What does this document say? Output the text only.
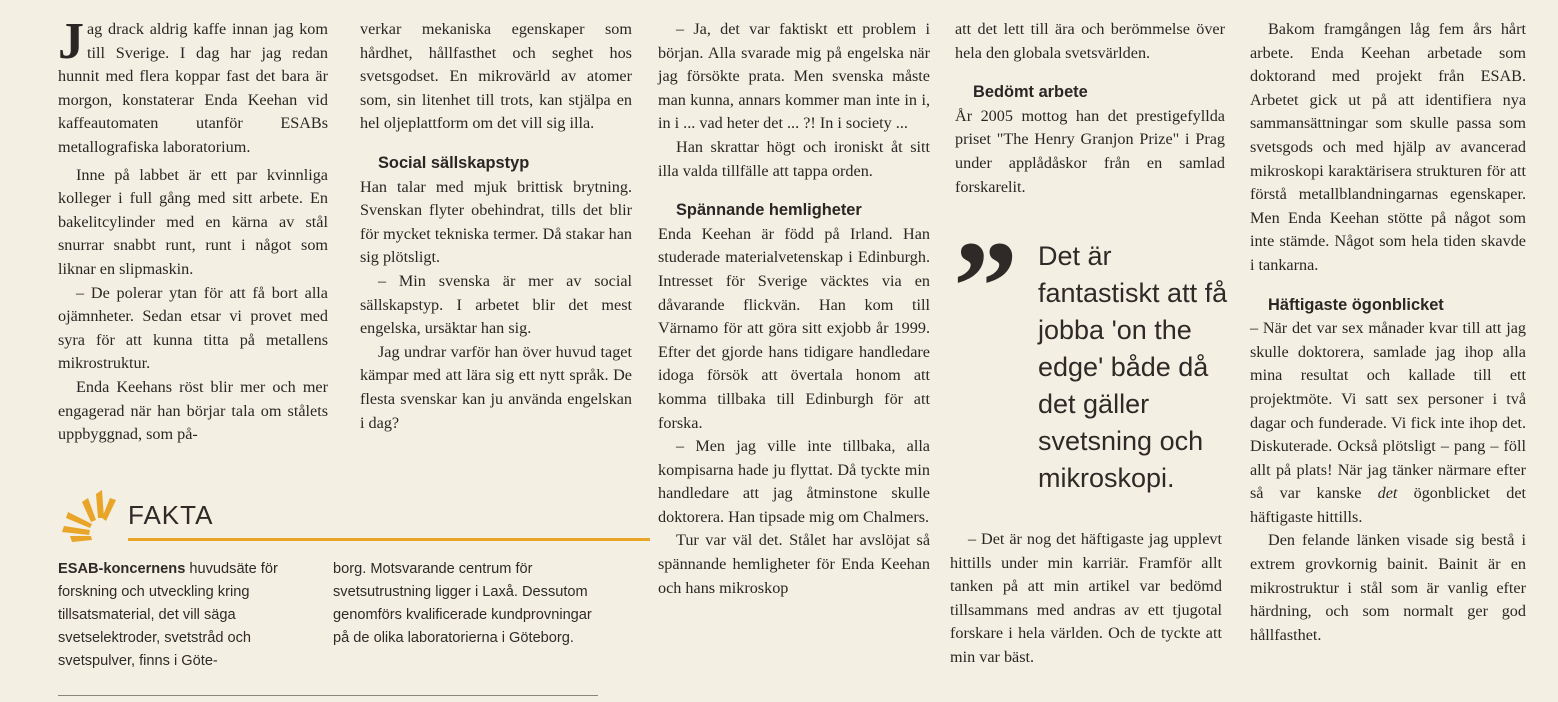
Jag drack aldrig kaffe innan jag kom till Sverige. I dag har jag redan hunnit med flera koppar fast det bara är morgon, konstaterar Enda Keehan vid kaffeautomaten utanför ESABs metallografiska laboratorium.

Inne på labbet är ett par kvinnliga kolleger i full gång med sitt arbete. En bakelitcylinder med en kärna av stål snurrar snabbt runt, runt i något som liknar en slipmaskin.

– De polerar ytan för att få bort alla ojämnheter. Sedan etsar vi provet med syra för att kunna titta på metallens mikrostruktur.

Enda Keehans röst blir mer och mer engagerad när han börjar tala om stålets uppbyggnad, som på-

verkar mekaniska egenskaper som hårdhet, hållfasthet och seghet hos svetsgodset. En mikrovärld av atomer som, sin litenhet till trots, kan stjälpa en hel oljeplattform om det vill sig illa.

Social sällskapstyp

Han talar med mjuk brittisk brytning. Svenskan flyter obehindrat, tills det blir för mycket tekniska termer. Då stakar han sig plötsligt.

– Min svenska är mer av social sällskapstyp. I arbetet blir det mest engelska, ursäktar han sig.

Jag undrar varför han över huvud taget kämpar med att lära sig ett nytt språk. De flesta svenskar kan ju använda engelskan i dag?

– Ja, det var faktiskt ett problem i början. Alla svarade mig på engelska när jag försökte prata. Men svenska måste man kunna, annars kommer man inte in i, in i ... vad heter det ... ?! In i society ...

Han skrattar högt och ironiskt åt sitt illa valda tillfälle att tappa orden.

Spännande hemligheter

Enda Keehan är född på Irland. Han studerade materialvetenskap i Edinburgh. Intresset för Sverige väcktes via en dåvarande flickvän. Han kom till Värnamo för att göra sitt exjobb år 1999. Efter det gjorde hans tidigare handledare idoga försök att övertala honom att komma tillbaka till Edinburgh för att forska.

– Men jag ville inte tillbaka, alla kompisarna hade ju flyttat. Då tyckte min handledare att jag åtminstone skulle doktorera. Han tipsade mig om Chalmers.

Tur var väl det. Stålet har avslöjat så spännande hemligheter för Enda Keehan och hans mikroskop

att det lett till ära och berömmelse över hela den globala svetsvärlden.

Bedömt arbete

År 2005 mottog han det prestigefyllda priset "The Henry Granjon Prize" i Prag under applådåskor från en samlad forskarelit.

” Det är fantastiskt att få jobba 'on the edge' både då det gäller svetsning och mikroskopi.

– Det är nog det häftigaste jag upplevt hittills under min karriär. Framför allt tanken på att min artikel var bedömd tillsammans med andras av ett tjugotal forskare i hela världen. Och de tyckte att min var bäst.

Bakom framgången låg fem års hårt arbete. Enda Keehan arbetade som doktorand med projekt från ESAB. Arbetet gick ut på att identifiera nya sammansättningar som skulle passa som svetsgods och med hjälp av avancerad mikroskopi karaktärisera strukturen för att förstå metallblandningarnas egenskaper. Men Enda Keehan stötte på något som inte stämde. Något som hela tiden skavde i tankarna.

Häftigaste ögonblicket

– När det var sex månader kvar till att jag skulle doktorera, samlade jag ihop alla mina resultat och kallade till ett projektmöte. Vi satt sex personer i två dagar och funderade. Vi fick inte ihop det. Diskuterade. Också plötsligt – pang – föll allt på plats! När jag tänker närmare efter så var kanske det ögonblicket det häftigaste hittills.

Den felande länken visade sig bestå i extrem grovkornig bainit. Bainit är en mikrostruktur i stål som är vanlig efter härdning, och som normalt ger god hållfasthet.

FAKTA

ESAB-koncernens huvudsäte för forskning och utveckling kring tillsatsmaterial, det vill säga svetselektroder, svetstråd och svetspulver, finns i Göte-

borg. Motsvarande centrum för svetsutrustning ligger i Laxå. Dessutom genomförs kvalificerade kundprovningar på de olika laboratorierna i Göteborg.
